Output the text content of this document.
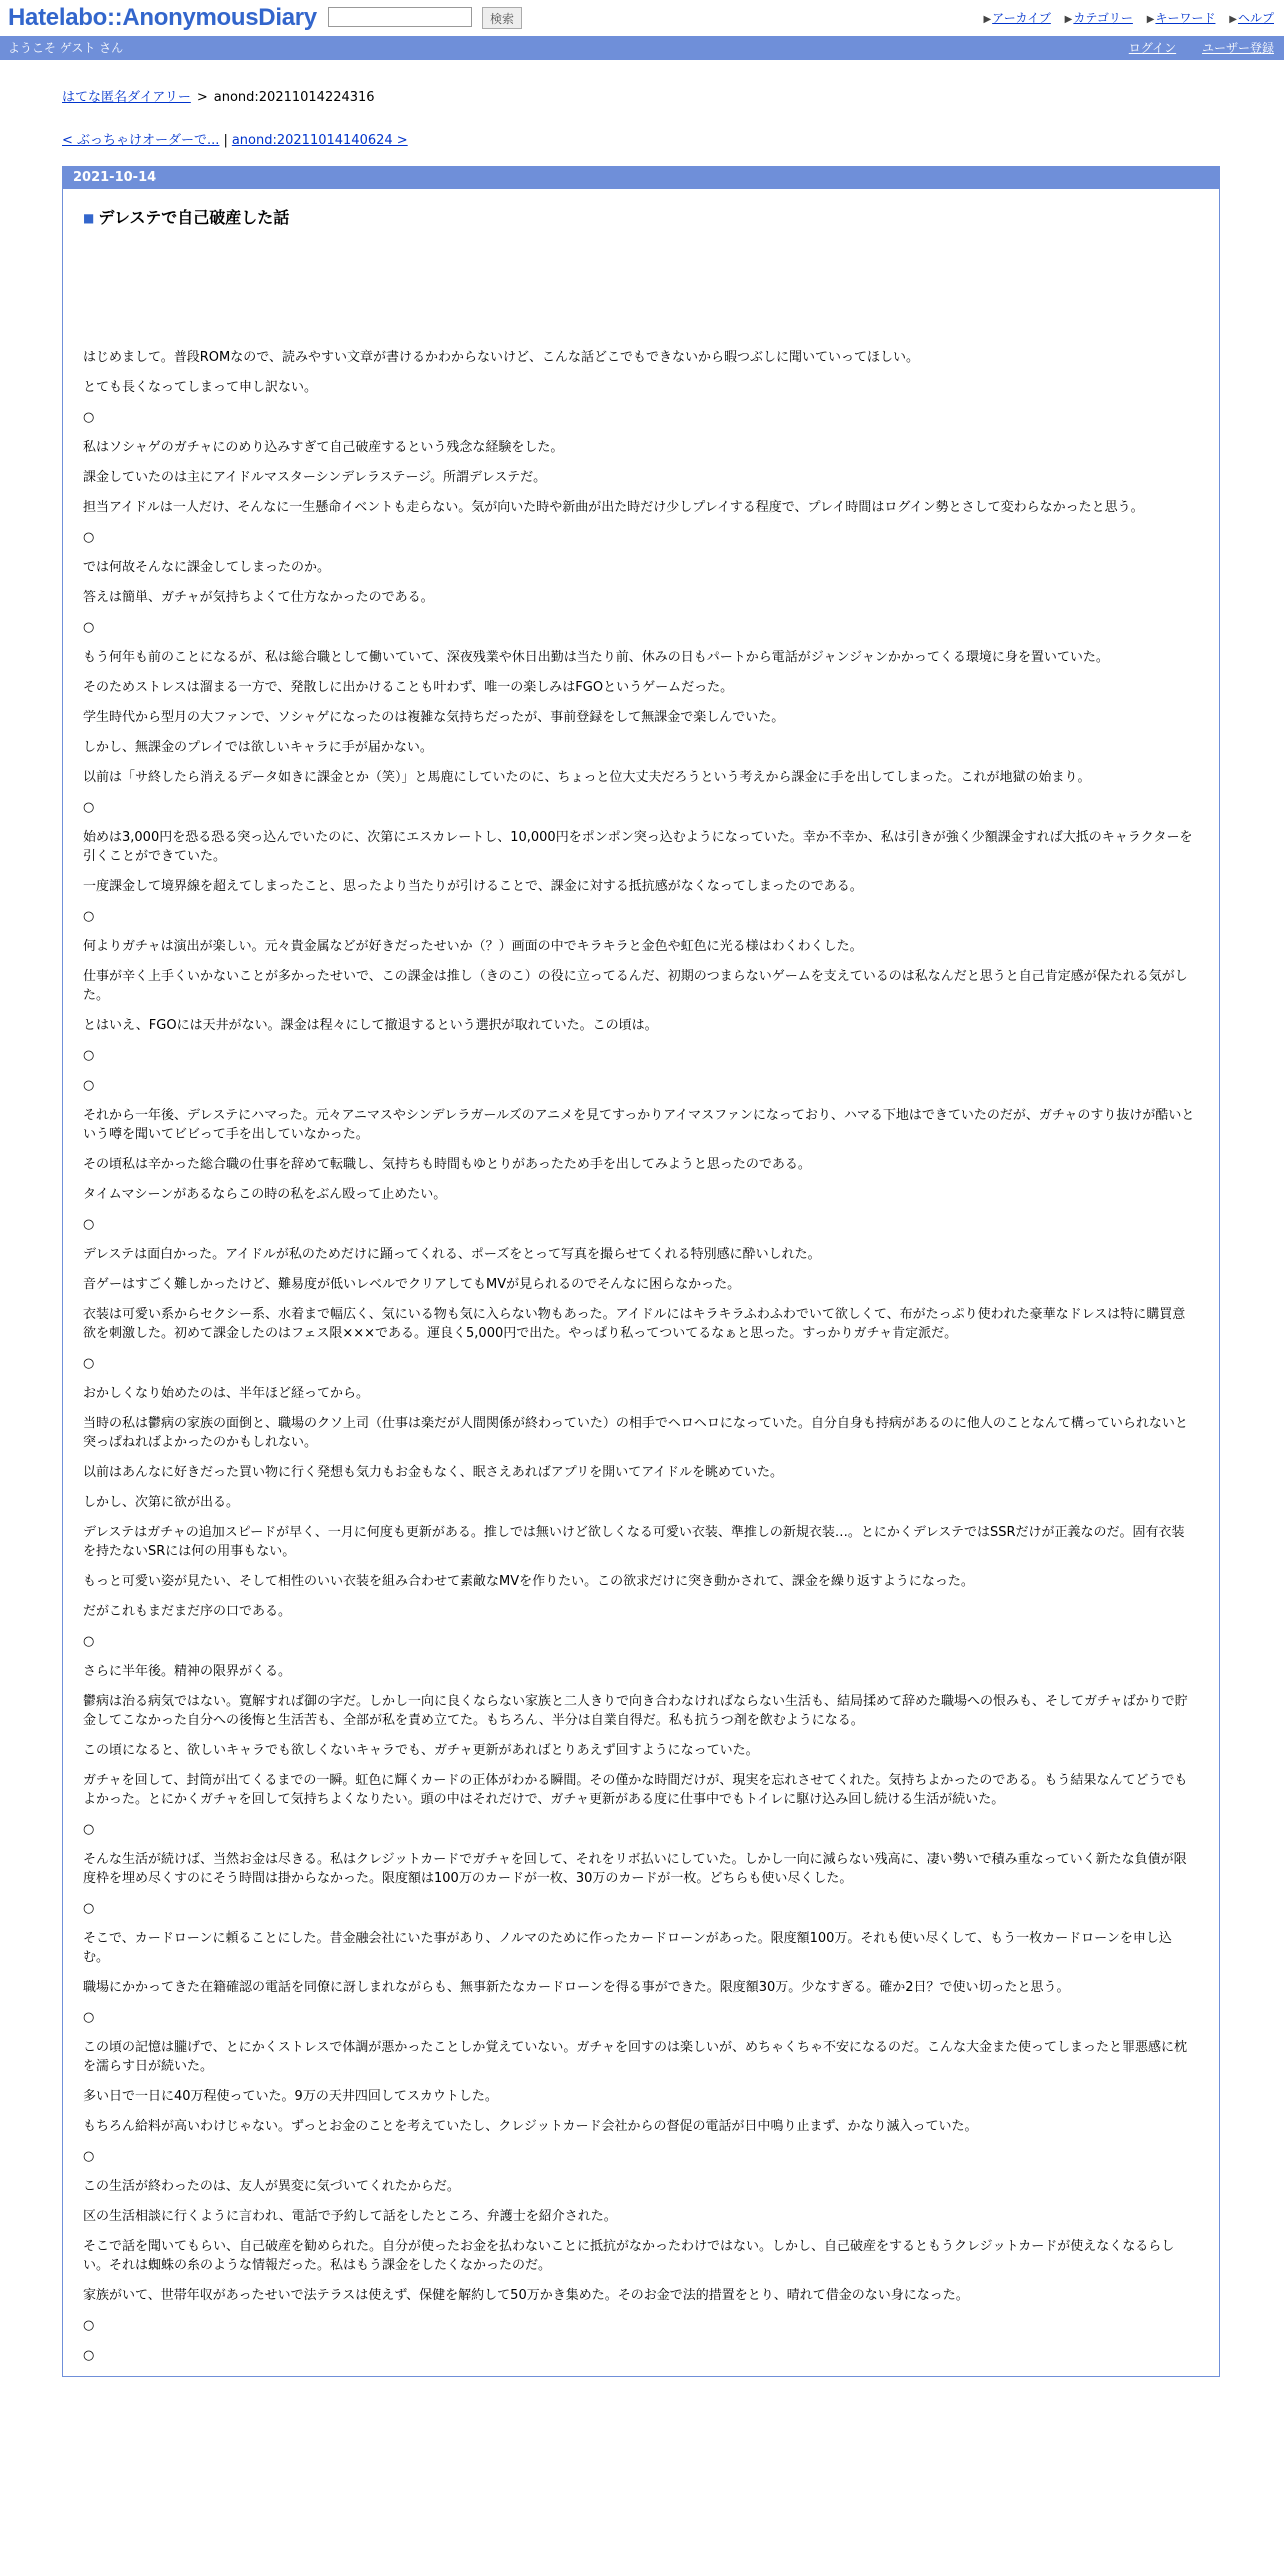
Hatelabo::AnonymousDiary	検索	▶アーカイブ ▶カテゴリー ▶キーワード ▶ヘルプ
ようこそ ゲスト さん	ログイン ユーザー登録
はてな匿名ダイアリー > anond:20211014224316
< ぶっちゃけオーダーで... | anond:20211014140624 >
2021-10-14
■ デレステで自己破産した話

はじめまして。普段ROMなので、読みやすい文章が書けるかわからないけど、こんな話どこでもできないから暇つぶしに聞いていってほしい。

とても長くなってしまって申し訳ない。

○

私はソシャゲのガチャにのめり込みすぎて自己破産するという残念な経験をした。

課金していたのは主にアイドルマスターシンデレラステージ。所謂デレステだ。

担当アイドルは一人だけ、そんなに一生懸命イベントも走らない。気が向いた時や新曲が出た時だけ少しプレイする程度で、プレイ時間はログイン勢とさして変わらなかったと思う。

○

では何故そんなに課金してしまったのか。

答えは簡単、ガチャが気持ちよくて仕方なかったのである。

○

もう何年も前のことになるが、私は総合職として働いていて、深夜残業や休日出勤は当たり前、休みの日もパートから電話がジャンジャンかかってくる環境に身を置いていた。

そのためストレスは溜まる一方で、発散しに出かけることも叶わず、唯一の楽しみはFGOというゲームだった。

学生時代から型月の大ファンで、ソシャゲになったのは複雑な気持ちだったが、事前登録をして無課金で楽しんでいた。

しかし、無課金のプレイでは欲しいキャラに手が届かない。

以前は「サ終したら消えるデータ如きに課金とか（笑）」と馬鹿にしていたのに、ちょっと位大丈夫だろうという考えから課金に手を出してしまった。これが地獄の始まり。

○

始めは3,000円を恐る恐る突っ込んでいたのに、次第にエスカレートし、10,000円をポンポン突っ込むようになっていた。幸か不幸か、私は引きが強く少額課金すれば大抵のキャラクターを引くことができていた。

一度課金して境界線を超えてしまったこと、思ったより当たりが引けることで、課金に対する抵抗感がなくなってしまったのである。

○

何よりガチャは演出が楽しい。元々貴金属などが好きだったせいか（？）画面の中でキラキラと金色や虹色に光る様はわくわくした。

仕事が辛く上手くいかないことが多かったせいで、この課金は推し（きのこ）の役に立ってるんだ、初期のつまらないゲームを支えているのは私なんだと思うと自己肯定感が保たれる気がした。

とはいえ、FGOには天井がない。課金は程々にして撤退するという選択が取れていた。この頃は。

○

○

それから一年後、デレステにハマった。元々アニマスやシンデレラガールズのアニメを見てすっかりアイマスファンになっており、ハマる下地はできていたのだが、ガチャのすり抜けが酷いという噂を聞いてビビって手を出していなかった。

その頃私は辛かった総合職の仕事を辞めて転職し、気持ちも時間もゆとりがあったため手を出してみようと思ったのである。

タイムマシーンがあるならこの時の私をぶん殴って止めたい。

○

デレステは面白かった。アイドルが私のためだけに踊ってくれる、ポーズをとって写真を撮らせてくれる特別感に酔いしれた。

音ゲーはすごく難しかったけど、難易度が低いレベルでクリアしてもMVが見られるのでそんなに困らなかった。

衣装は可愛い系からセクシー系、水着まで幅広く、気にいる物も気に入らない物もあった。アイドルにはキラキラふわふわでいて欲しくて、布がたっぷり使われた豪華なドレスは特に購買意欲を刺激した。初めて課金したのはフェス限×××である。運良く5,000円で出た。やっぱり私ってついてるなぁと思った。すっかりガチャ肯定派だ。

○

おかしくなり始めたのは、半年ほど経ってから。

当時の私は鬱病の家族の面倒と、職場のクソ上司（仕事は楽だが人間関係が終わっていた）の相手でヘロヘロになっていた。自分自身も持病があるのに他人のことなんて構っていられないと突っぱねればよかったのかもしれない。

以前はあんなに好きだった買い物に行く発想も気力もお金もなく、眠さえあればアプリを開いてアイドルを眺めていた。

しかし、次第に欲が出る。

デレステはガチャの追加スピードが早く、一月に何度も更新がある。推しでは無いけど欲しくなる可愛い衣装、準推しの新規衣装…。とにかくデレステではSSRだけが正義なのだ。固有衣装を持たないSRには何の用事もない。

もっと可愛い姿が見たい、そして相性のいい衣装を組み合わせて素敵なMVを作りたい。この欲求だけに突き動かされて、課金を繰り返すようになった。

だがこれもまだまだ序の口である。

○

さらに半年後。精神の限界がくる。

鬱病は治る病気ではない。寛解すれば御の字だ。しかし一向に良くならない家族と二人きりで向き合わなければならない生活も、結局揉めて辞めた職場への恨みも、そしてガチャばかりで貯金してこなかった自分への後悔と生活苦も、全部が私を責め立てた。もちろん、半分は自業自得だ。私も抗うつ剤を飲むようになる。

この頃になると、欲しいキャラでも欲しくないキャラでも、ガチャ更新があればとりあえず回すようになっていた。

ガチャを回して、封筒が出てくるまでの一瞬。虹色に輝くカードの正体がわかる瞬間。その僅かな時間だけが、現実を忘れさせてくれた。気持ちよかったのである。もう結果なんてどうでもよかった。とにかくガチャを回して気持ちよくなりたい。頭の中はそれだけで、ガチャ更新がある度に仕事中でもトイレに駆け込み回し続ける生活が続いた。

○

そんな生活が続けば、当然お金は尽きる。私はクレジットカードでガチャを回して、それをリボ払いにしていた。しかし一向に減らない残高に、凄い勢いで積み重なっていく新たな負債が限度枠を埋め尽くすのにそう時間は掛からなかった。限度額は100万のカードが一枚、30万のカードが一枚。どちらも使い尽くした。

○

そこで、カードローンに頼ることにした。昔金融会社にいた事があり、ノルマのために作ったカードローンがあった。限度額100万。それも使い尽くして、もう一枚カードローンを申し込む。

職場にかかってきた在籍確認の電話を同僚に訝しまれながらも、無事新たなカードローンを得る事ができた。限度額30万。少なすぎる。確か2日？で使い切ったと思う。

○

この頃の記憶は朧げで、とにかくストレスで体調が悪かったことしか覚えていない。ガチャを回すのは楽しいが、めちゃくちゃ不安になるのだ。こんな大金また使ってしまったと罪悪感に枕を濡らす日が続いた。

多い日で一日に40万程使っていた。9万の天井四回してスカウトした。

もちろん給料が高いわけじゃない。ずっとお金のことを考えていたし、クレジットカード会社からの督促の電話が日中鳴り止まず、かなり滅入っていた。

○

この生活が終わったのは、友人が異変に気づいてくれたからだ。

区の生活相談に行くように言われ、電話で予約して話をしたところ、弁護士を紹介された。

そこで話を聞いてもらい、自己破産を勧められた。自分が使ったお金を払わないことに抵抗がなかったわけではない。しかし、自己破産をするともうクレジットカードが使えなくなるらしい。それは蜘蛛の糸のような情報だった。私はもう課金をしたくなかったのだ。

家族がいて、世帯年収があったせいで法テラスは使えず、保健を解約して50万かき集めた。そのお金で法的措置をとり、晴れて借金のない身になった。

○

○
